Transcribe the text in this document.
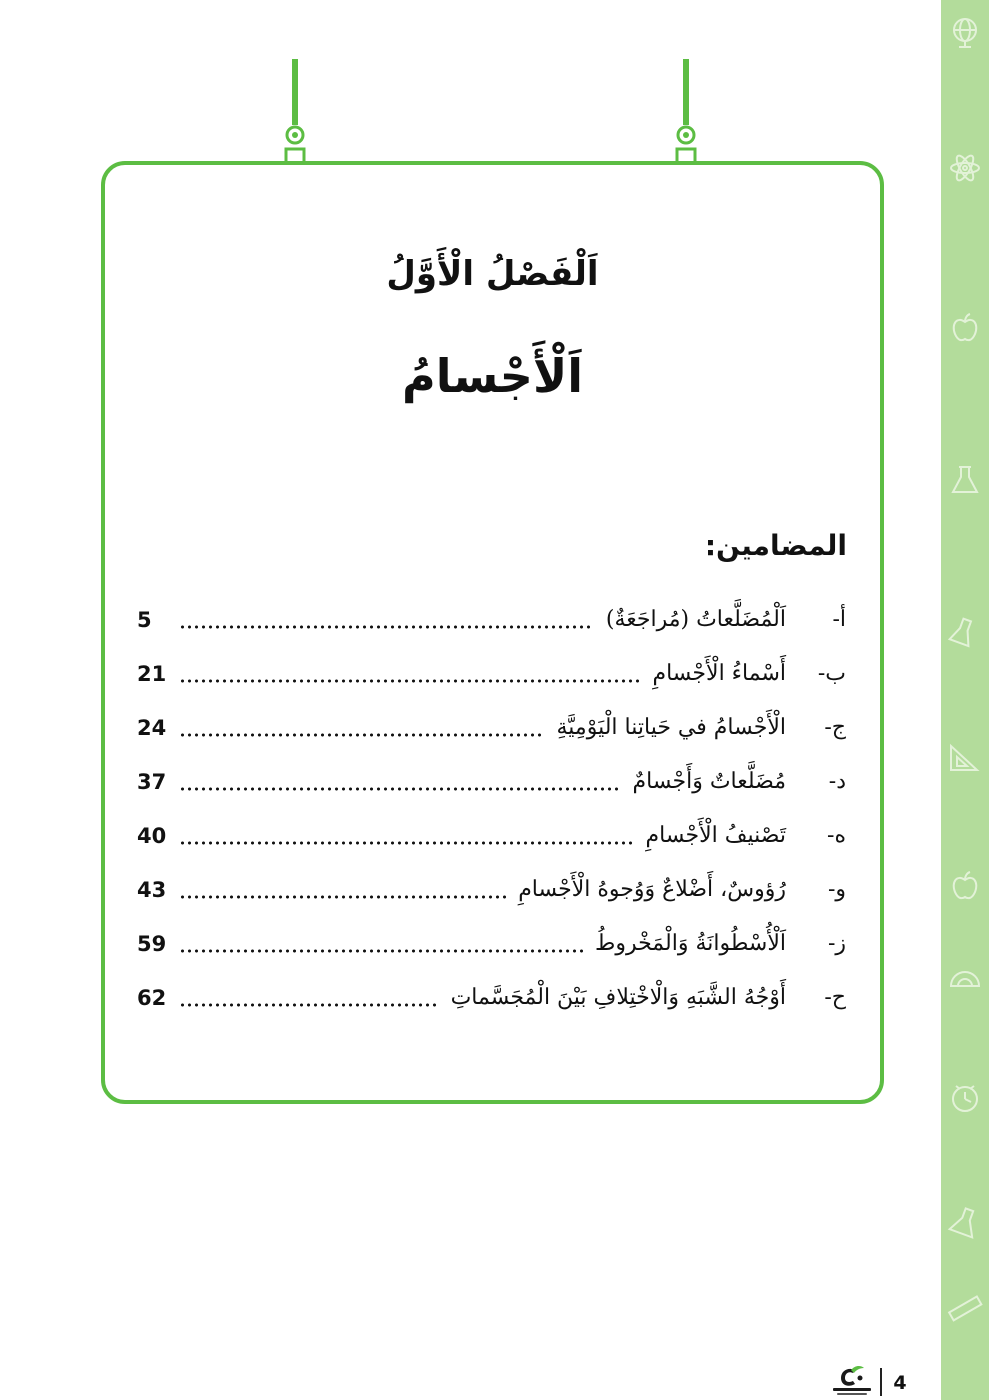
اَلْفَصْلُ الْأَوَّلُ
اَلْأَجْسامُ
المضامين:
أ-
اَلْمُضَلَّعاتُ (مُراجَعَةٌ)
5
ب-
أَسْماءُ الْأَجْسامِ
21
ج-
الْأَجْسامُ في حَياتِنا الْيَوْمِيَّةِ
24
د-
مُضَلَّعاتٌ وَأَجْسامٌ
37
ه-
تَصْنيفُ الْأَجْسامِ
40
و-
رُؤوسٌ، أَضْلاعٌ وَوُجوهُ الْأَجْسامِ
43
ز-
اَلْأُسْطُوانَةُ وَالْمَخْروطُ
59
ح-
أَوْجُهُ الشَّبَهِ وَالْاخْتِلافِ بَيْنَ الْمُجَسَّماتِ
62
4
